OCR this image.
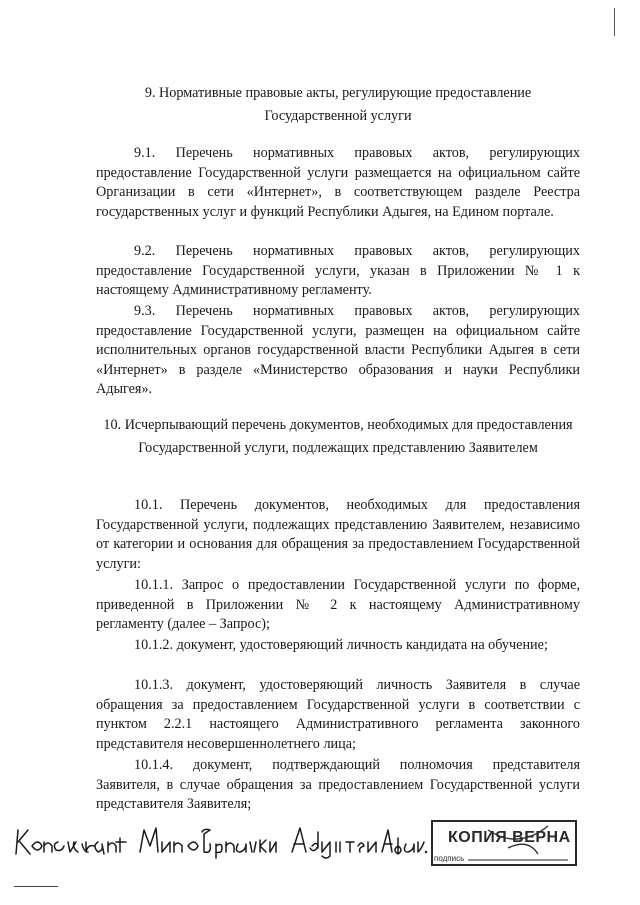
9. Нормативные правовые акты, регулирующие предоставление Государственной услуги
9.1. Перечень нормативных правовых актов, регулирующих предоставление Государственной услуги размещается на официальном сайте Организации в сети «Интернет», в соответствующем разделе Реестра государственных услуг и функций Республики Адыгея, на Едином портале.
9.2. Перечень нормативных правовых актов, регулирующих предоставление Государственной услуги, указан в Приложении № 1 к настоящему Административному регламенту.
9.3. Перечень нормативных правовых актов, регулирующих предоставление Государственной услуги, размещен на официальном сайте исполнительных органов государственной власти Республики Адыгея в сети «Интернет» в разделе «Министерство образования и науки Республики Адыгея».
10. Исчерпывающий перечень документов, необходимых для предоставления Государственной услуги, подлежащих представлению Заявителем
10.1. Перечень документов, необходимых для предоставления Государственной услуги, подлежащих представлению Заявителем, независимо от категории и основания для обращения за предоставлением Государственной услуги:
10.1.1. Запрос о предоставлении Государственной услуги по форме, приведенной в Приложении № 2 к настоящему Административному регламенту (далее – Запрос);
10.1.2. документ, удостоверяющий личность кандидата на обучение;
10.1.3. документ, удостоверяющий личность Заявителя в случае обращения за предоставлением Государственной услуги в соответствии с пунктом 2.2.1 настоящего Административного регламента законного представителя несовершеннолетнего лица;
10.1.4. документ, подтверждающий полномочия представителя Заявителя, в случае обращения за предоставлением Государственной услуги представителя Заявителя;
КОПИЯ ВЕРНА
подпись
